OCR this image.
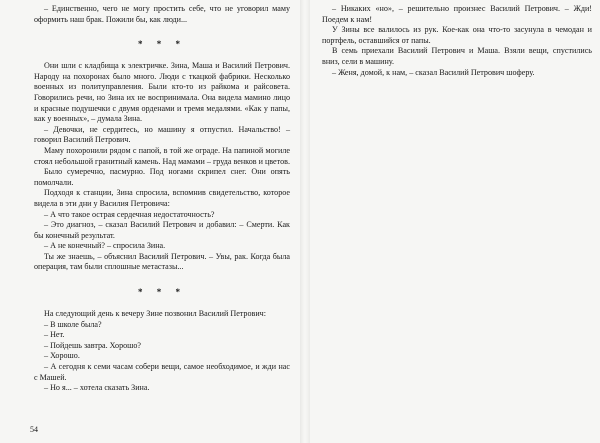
– Единственно, чего не могу простить себе, что не уговорил маму оформить наш брак. Пожили бы, как люди...

* * *

Они шли с кладбища к электричке. Зина, Маша и Василий Петрович. Народу на похоронах было много. Люди с ткацкой фабрики. Несколько военных из политуправления. Были кто-то из райкома и райсовета. Говорились речи, но Зина их не воспринимала. Она видела мамино лицо и красные подушечки с двумя орденами и тремя медалями. «Как у папы, как у военных», – думала Зина.

– Девочки, не сердитесь, но машину я отпустил. Начальство! – говорил Василий Петрович.

Маму похоронили рядом с папой, в той же ограде. На папиной могиле стоял небольшой гранитный камень. Над мамами – груда венков и цветов.

Было сумеречно, пасмурно. Под ногами скрипел снег. Они опять помолчали.

Подходя к станции, Зина спросила, вспомнив свидетельство, которое видела в эти дни у Василия Петровича:

– А что такое острая сердечная недостаточность?

– Это диагноз, – сказал Василий Петрович и добавил: – Смерти. Как бы конечный результат.

– А не конечный? – спросила Зина.

Ты же знаешь, – объяснил Василий Петрович. – Увы, рак. Когда была операция, там были сплошные метастазы...

* * *

На следующий день к вечеру Зине позвонил Василий Петрович:

– В школе была?

– Нет.

– Пойдешь завтра. Хорошо?

– Хорошо.

– А сегодня к семи часам собери вещи, самое необходимое, и жди нас с Машей.

– Но я... – хотела сказать Зина.

54

– Никаких «но», – решительно произнес Василий Петрович. – Жди! Поедем к нам!

У Зины все валилось из рук. Кое-как она что-то засунула в чемодан и портфель, оставшийся от папы.

В семь приехали Василий Петрович и Маша. Взяли вещи, спустились вниз, сели в машину.

– Женя, домой, к нам, – сказал Василий Петрович шоферу.
